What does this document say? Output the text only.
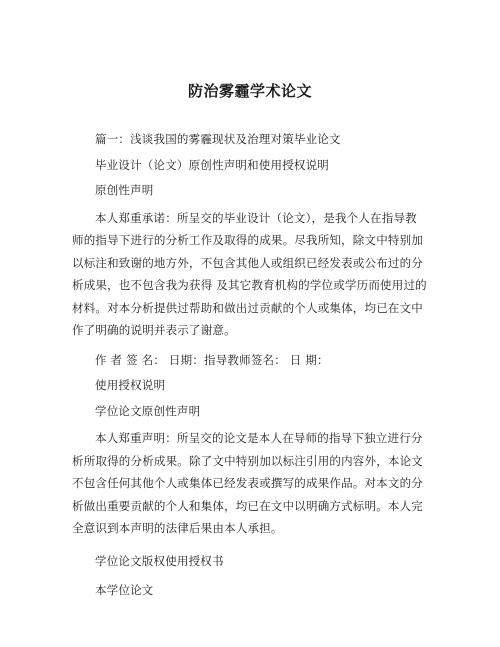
防治雾霾学术论文

篇一：浅谈我国的雾霾现状及治理对策毕业论文

毕业设计（论文）原创性声明和使用授权说明

原创性声明

本人郑重承诺：所呈交的毕业设计（论文），是我个人在指导教师的指导下进行的分析工作及取得的成果。尽我所知，除文中特别加以标注和致谢的地方外，不包含其他人或组织已经发表或公布过的分析成果，也不包含我为获得 及其它教育机构的学位或学历而使用过的材料。对本分析提供过帮助和做出过贡献的个人或集体，均已在文中作了明确的说明并表示了谢意。

作 者 签 名： 日期：指导教师签名： 日 期：

使用授权说明

学位论文原创性声明

本人郑重声明：所呈交的论文是本人在导师的指导下独立进行分析所取得的分析成果。除了文中特别加以标注引用的内容外，本论文不包含任何其他个人或集体已经发表或撰写的成果作品。对本文的分析做出重要贡献的个人和集体，均已在文中以明确方式标明。本人完全意识到本声明的法律后果由本人承担。

学位论文版权使用授权书

本学位论文
